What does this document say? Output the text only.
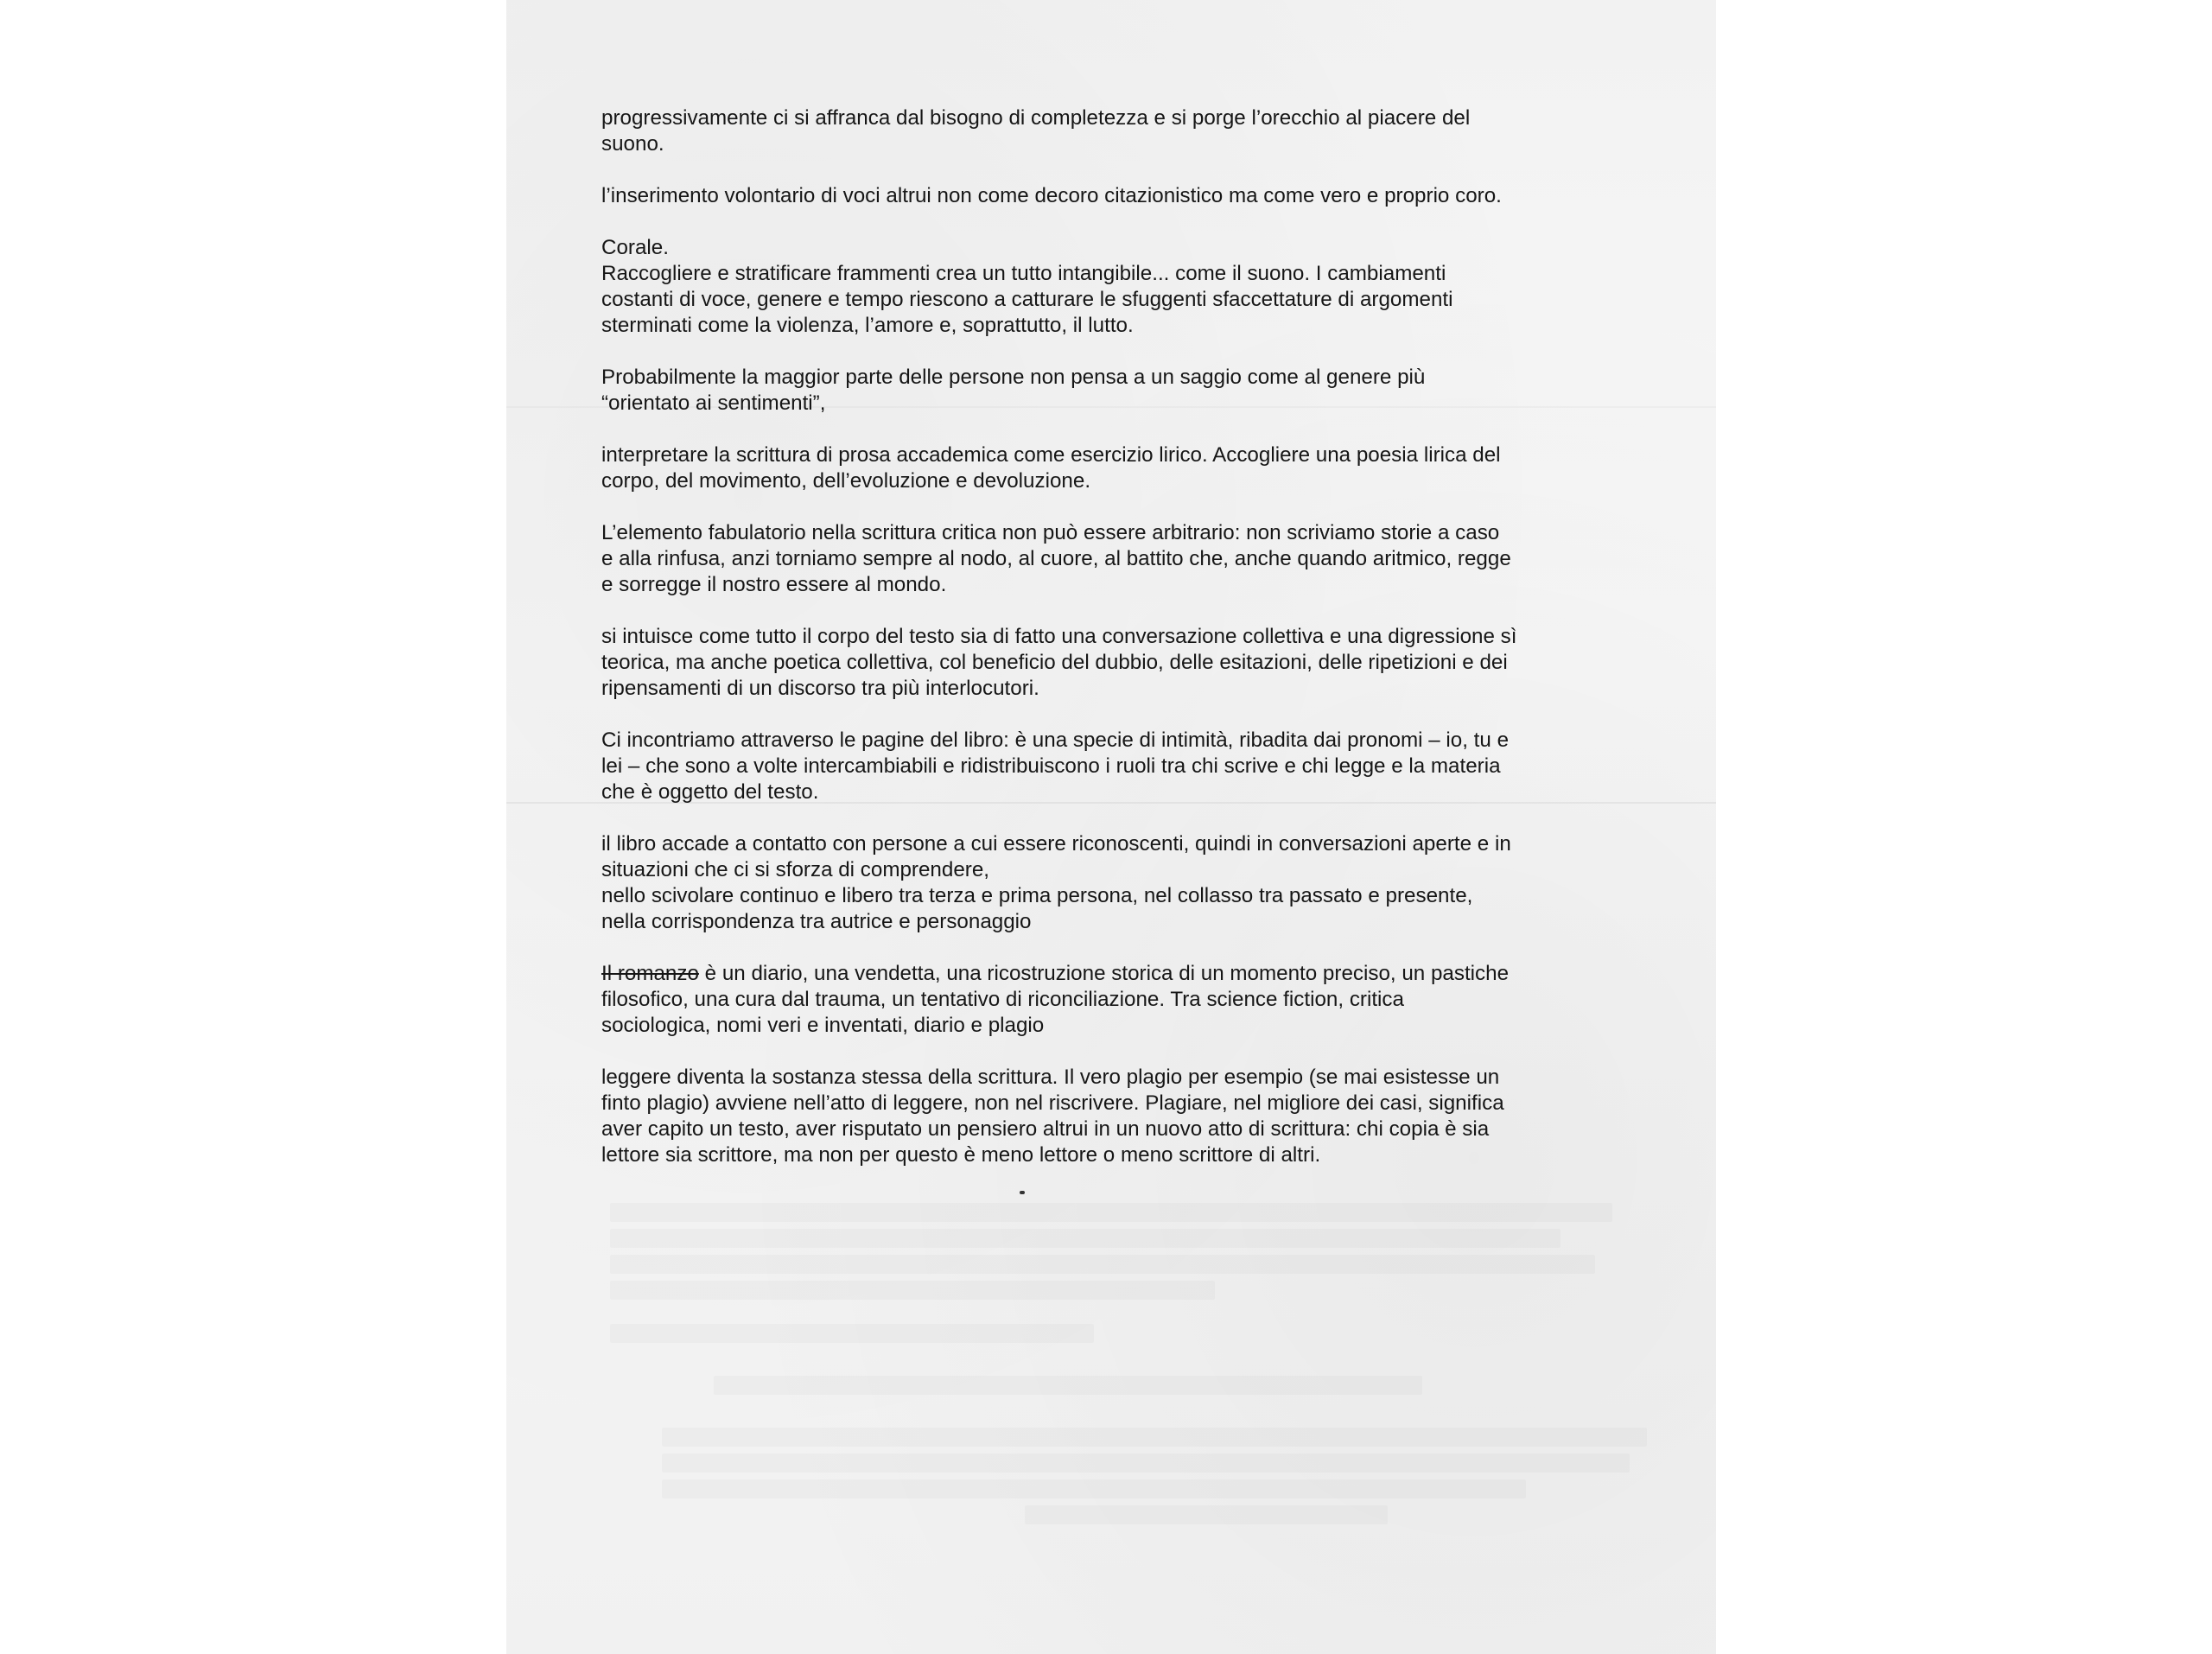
progressivamente ci si affranca dal bisogno di completezza e si porge l’orecchio al piacere del
suono.

l’inserimento volontario di voci altrui non come decoro citazionistico ma come vero e proprio coro.

Corale.
Raccogliere e stratificare frammenti crea un tutto intangibile... come il suono. I cambiamenti
costanti di voce, genere e tempo riescono a catturare le sfuggenti sfaccettature di argomenti
sterminati come la violenza, l’amore e, soprattutto, il lutto.

Probabilmente la maggior parte delle persone non pensa a un saggio come al genere più
“orientato ai sentimenti”,

interpretare la scrittura di prosa accademica come esercizio lirico. Accogliere una poesia lirica del
corpo, del movimento, dell’evoluzione e devoluzione.

L’elemento fabulatorio nella scrittura critica non può essere arbitrario: non scriviamo storie a caso
e alla rinfusa, anzi torniamo sempre al nodo, al cuore, al battito che, anche quando aritmico, regge
e sorregge il nostro essere al mondo.

si intuisce come tutto il corpo del testo sia di fatto una conversazione collettiva e una digressione sì
teorica, ma anche poetica collettiva, col beneficio del dubbio, delle esitazioni, delle ripetizioni e dei
ripensamenti di un discorso tra più interlocutori.

Ci incontriamo attraverso le pagine del libro: è una specie di intimità, ribadita dai pronomi – io, tu e
lei – che sono a volte intercambiabili e ridistribuiscono i ruoli tra chi scrive e chi legge e la materia
che è oggetto del testo.

il libro accade a contatto con persone a cui essere riconoscenti, quindi in conversazioni aperte e in
situazioni che ci si sforza di comprendere,
nello scivolare continuo e libero tra terza e prima persona, nel collasso tra passato e presente,
nella corrispondenza tra autrice e personaggio

Il romanzo è un diario, una vendetta, una ricostruzione storica di un momento preciso, un pastiche
filosofico, una cura dal trauma, un tentativo di riconciliazione. Tra science fiction, critica
sociologica, nomi veri e inventati, diario e plagio

leggere diventa la sostanza stessa della scrittura. Il vero plagio per esempio (se mai esistesse un
finto plagio) avviene nell’atto di leggere, non nel riscrivere. Plagiare, nel migliore dei casi, significa
aver capito un testo, aver risputato un pensiero altrui in un nuovo atto di scrittura: chi copia è sia
lettore sia scrittore, ma non per questo è meno lettore o meno scrittore di altri.
